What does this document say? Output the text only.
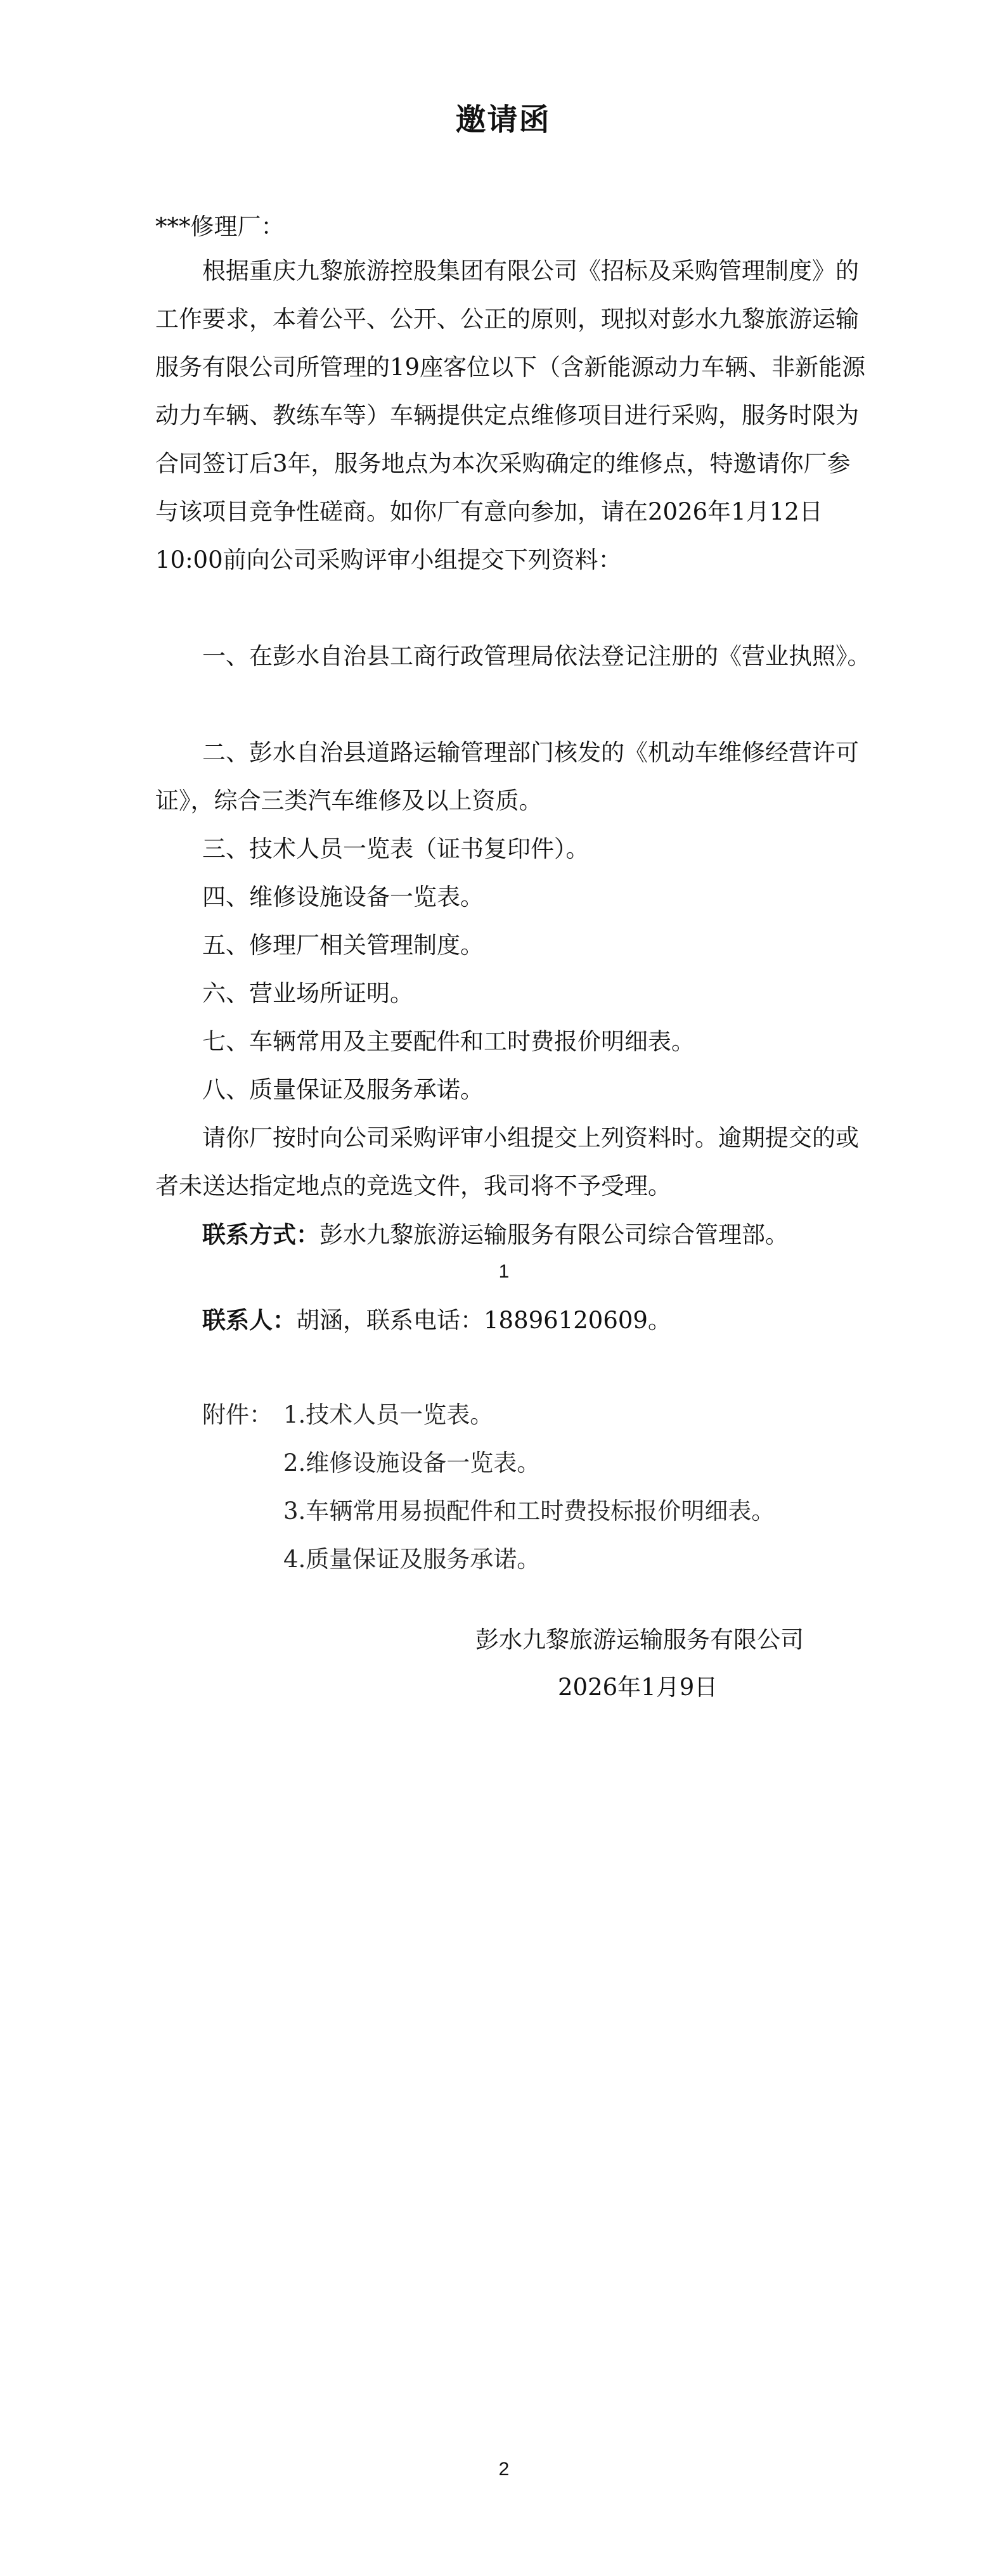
邀请函
***修理厂：
根据重庆九黎旅游控股集团有限公司《招标及采购管理制度》的工作要求，本着公平、公开、公正的原则，现拟对彭水九黎旅游运输服务有限公司所管理的19座客位以下（含新能源动力车辆、非新能源动力车辆、教练车等）车辆提供定点维修项目进行采购，服务时限为合同签订后3年，服务地点为本次采购确定的维修点，特邀请你厂参与该项目竞争性磋商。如你厂有意向参加，请在2026年1月12日10:00前向公司采购评审小组提交下列资料：
一、在彭水自治县工商行政管理局依法登记注册的《营业执照》。
二、彭水自治县道路运输管理部门核发的《机动车维修经营许可证》，综合三类汽车维修及以上资质。
三、技术人员一览表（证书复印件）。
四、维修设施设备一览表。
五、修理厂相关管理制度。
六、营业场所证明。
七、车辆常用及主要配件和工时费报价明细表。
八、质量保证及服务承诺。
请你厂按时向公司采购评审小组提交上列资料时。逾期提交的或者未送达指定地点的竞选文件，我司将不予受理。
联系方式：彭水九黎旅游运输服务有限公司综合管理部。
1
联系人：胡涵，联系电话：18896120609。
附件： 1.技术人员一览表。
2.维修设施设备一览表。
3.车辆常用易损配件和工时费投标报价明细表。
4.质量保证及服务承诺。
彭水九黎旅游运输服务有限公司
2026年1月9日
2
